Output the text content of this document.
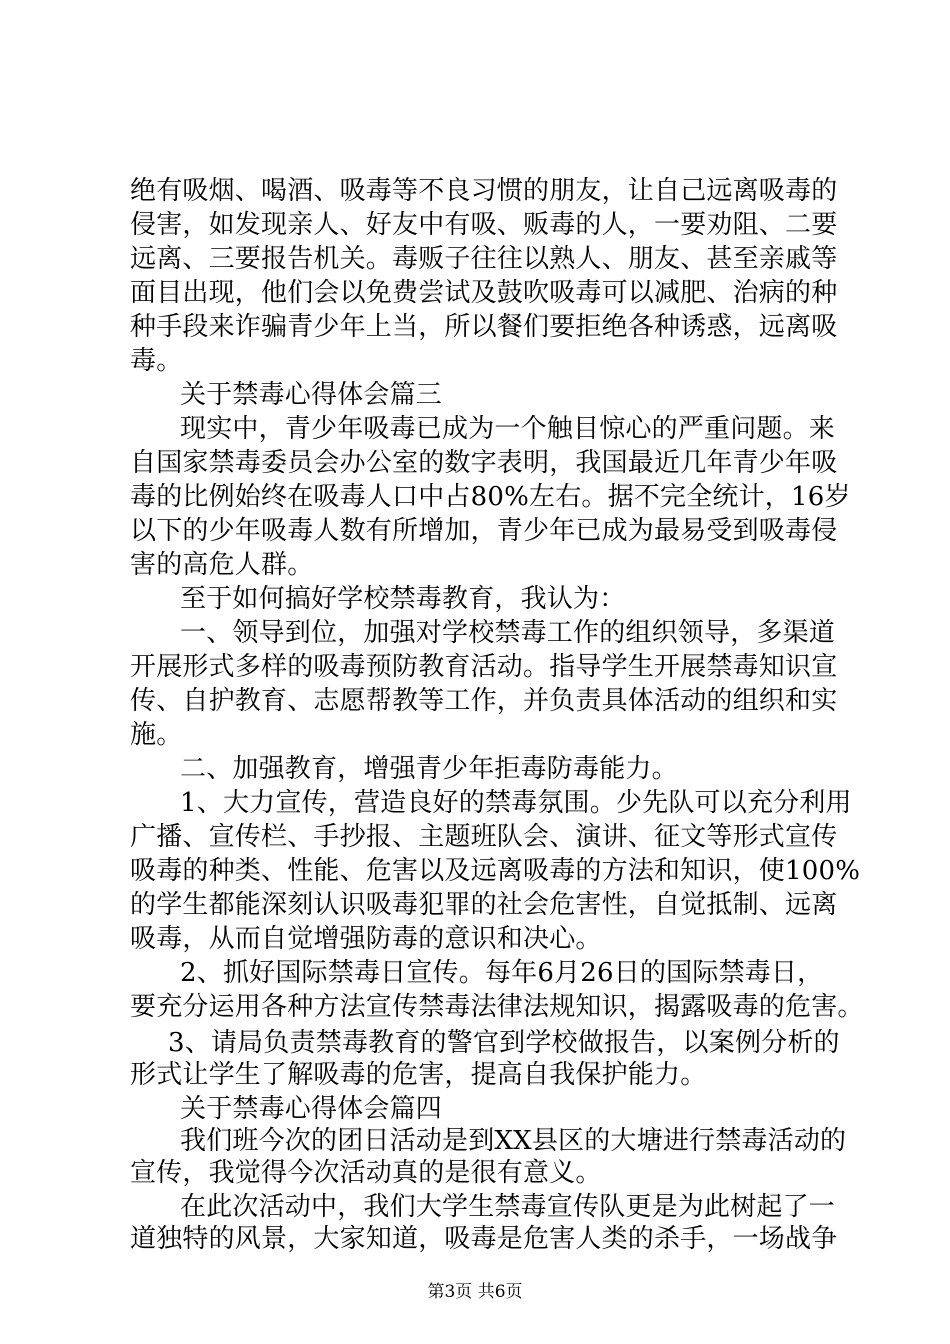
绝有吸烟、喝酒、吸毒等不良习惯的朋友，让自己远离吸毒的
侵害，如发现亲人、好友中有吸、贩毒的人，一要劝阻、二要
远离、三要报告机关。毒贩子往往以熟人、朋友、甚至亲戚等
面目出现，他们会以免费尝试及鼓吹吸毒可以减肥、治病的种
种手段来诈骗青少年上当，所以餐们要拒绝各种诱惑，远离吸
毒。
关于禁毒心得体会篇三
现实中，青少年吸毒已成为一个触目惊心的严重问题。来
自国家禁毒委员会办公室的数字表明，我国最近几年青少年吸
毒的比例始终在吸毒人口中占80%左右。据不完全统计，16岁
以下的少年吸毒人数有所增加，青少年已成为最易受到吸毒侵
害的高危人群。
至于如何搞好学校禁毒教育，我认为：
一、领导到位，加强对学校禁毒工作的组织领导，多渠道
开展形式多样的吸毒预防教育活动。指导学生开展禁毒知识宣
传、自护教育、志愿帮教等工作，并负责具体活动的组织和实
施。
二、加强教育，增强青少年拒毒防毒能力。
1、大力宣传，营造良好的禁毒氛围。少先队可以充分利用
广播、宣传栏、手抄报、主题班队会、演讲、征文等形式宣传
吸毒的种类、性能、危害以及远离吸毒的方法和知识，使100%
的学生都能深刻认识吸毒犯罪的社会危害性，自觉抵制、远离
吸毒，从而自觉增强防毒的意识和决心。
2、抓好国际禁毒日宣传。每年6月26日的国际禁毒日，
要充分运用各种方法宣传禁毒法律法规知识，揭露吸毒的危害。
3、请局负责禁毒教育的警官到学校做报告，以案例分析的
形式让学生了解吸毒的危害，提高自我保护能力。
关于禁毒心得体会篇四
我们班今次的团日活动是到XX县区的大塘进行禁毒活动的
宣传，我觉得今次活动真的是很有意义。
第3页 共6页
在此次活动中，我们大学生禁毒宣传队更是为此树起了一
道独特的风景，大家知道，吸毒是危害人类的杀手，一场战争
